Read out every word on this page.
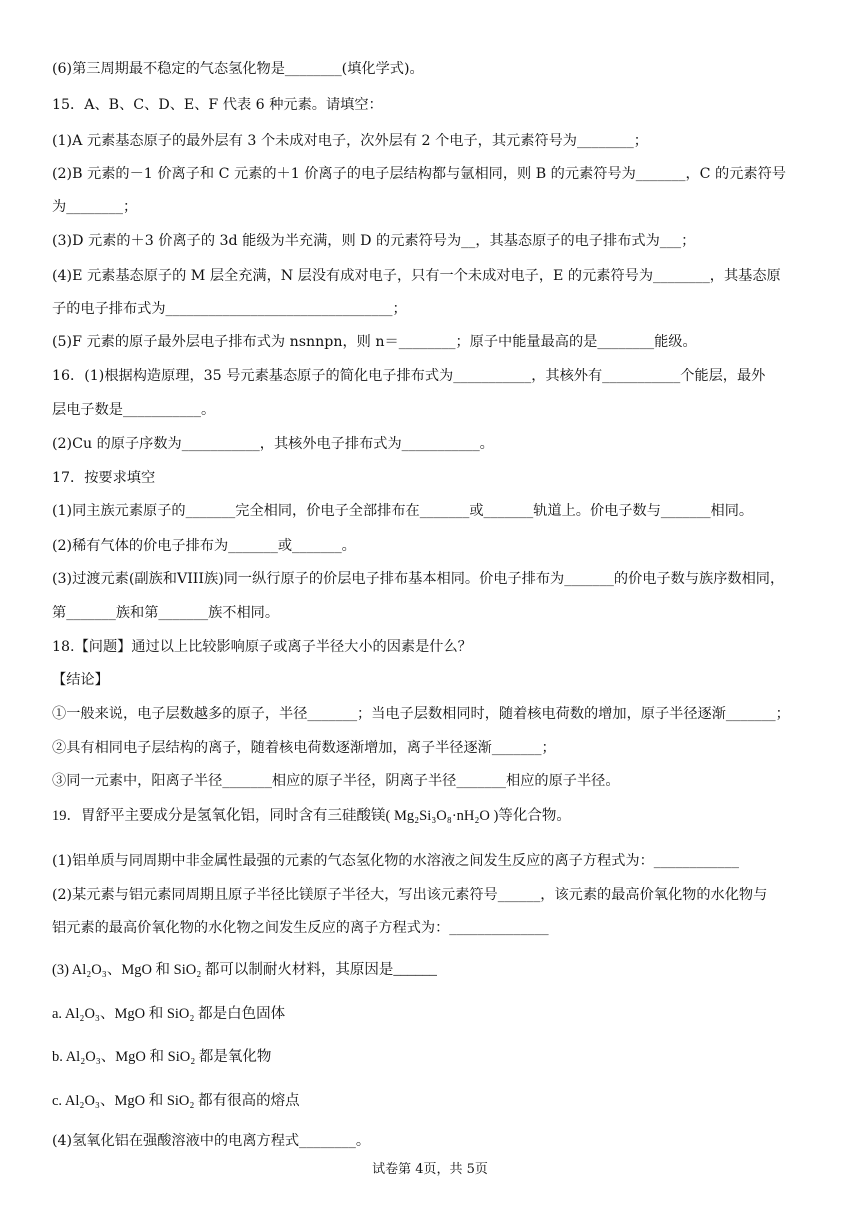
(6)第三周期最不稳定的气态氢化物是________(填化学式)。
15．A、B、C、D、E、F 代表 6 种元素。请填空：
(1)A 元素基态原子的最外层有 3 个未成对电子，次外层有 2 个电子，其元素符号为________；
(2)B 元素的－1 价离子和 C 元素的＋1 价离子的电子层结构都与氩相同，则 B 的元素符号为_______，C 的元素符号
为________；
(3)D 元素的＋3 价离子的 3d 能级为半充满，则 D 的元素符号为__，其基态原子的电子排布式为___；
(4)E 元素基态原子的 M 层全充满，N 层没有成对电子，只有一个未成对电子，E 的元素符号为________，其基态原
子的电子排布式为________________________________；
(5)F 元素的原子最外层电子排布式为 nsnnpn，则 n＝________；原子中能量最高的是________能级。
16．(1)根据构造原理，35 号元素基态原子的简化电子排布式为___________，其核外有___________个能层，最外
层电子数是___________。
(2)Cu 的原子序数为___________，其核外电子排布式为___________。
17．按要求填空
(1)同主族元素原子的_______完全相同，价电子全部排布在_______或_______轨道上。价电子数与_______相同。
(2)稀有气体的价电子排布为_______或_______。
(3)过渡元素(副族和VIII族)同一纵行原子的价层电子排布基本相同。价电子排布为_______的价电子数与族序数相同，
第_______族和第_______族不相同。
18.【问题】通过以上比较影响原子或离子半径大小的因素是什么？
【结论】
①一般来说，电子层数越多的原子，半径_______；当电子层数相同时，随着核电荷数的增加，原子半径逐渐_______；
②具有相同电子层结构的离子，随着核电荷数逐渐增加，离子半径逐渐_______；
③同一元素中，阳离子半径_______相应的原子半径，阴离子半径_______相应的原子半径。
19．胃舒平主要成分是氢氧化铝，同时含有三硅酸镁( Mg₂Si₃O₈·nH₂O )等化合物。
(1)铝单质与同周期中非金属性最强的元素的气态氢化物的水溶液之间发生反应的离子方程式为：____________
(2)某元素与铝元素同周期且原子半径比镁原子半径大，写出该元素符号______，该元素的最高价氧化物的水化物与
铝元素的最高价氧化物的水化物之间发生反应的离子方程式为：______________
(3) Al₂O₃、MgO 和 SiO₂ 都可以制耐火材料，其原因是______
a. Al₂O₃、MgO 和 SiO₂ 都是白色固体
b. Al₂O₃、MgO 和 SiO₂ 都是氧化物
c. Al₂O₃、MgO 和 SiO₂ 都有很高的熔点
(4)氢氧化铝在强酸溶液中的电离方程式________。
试卷第 4页，共 5页
